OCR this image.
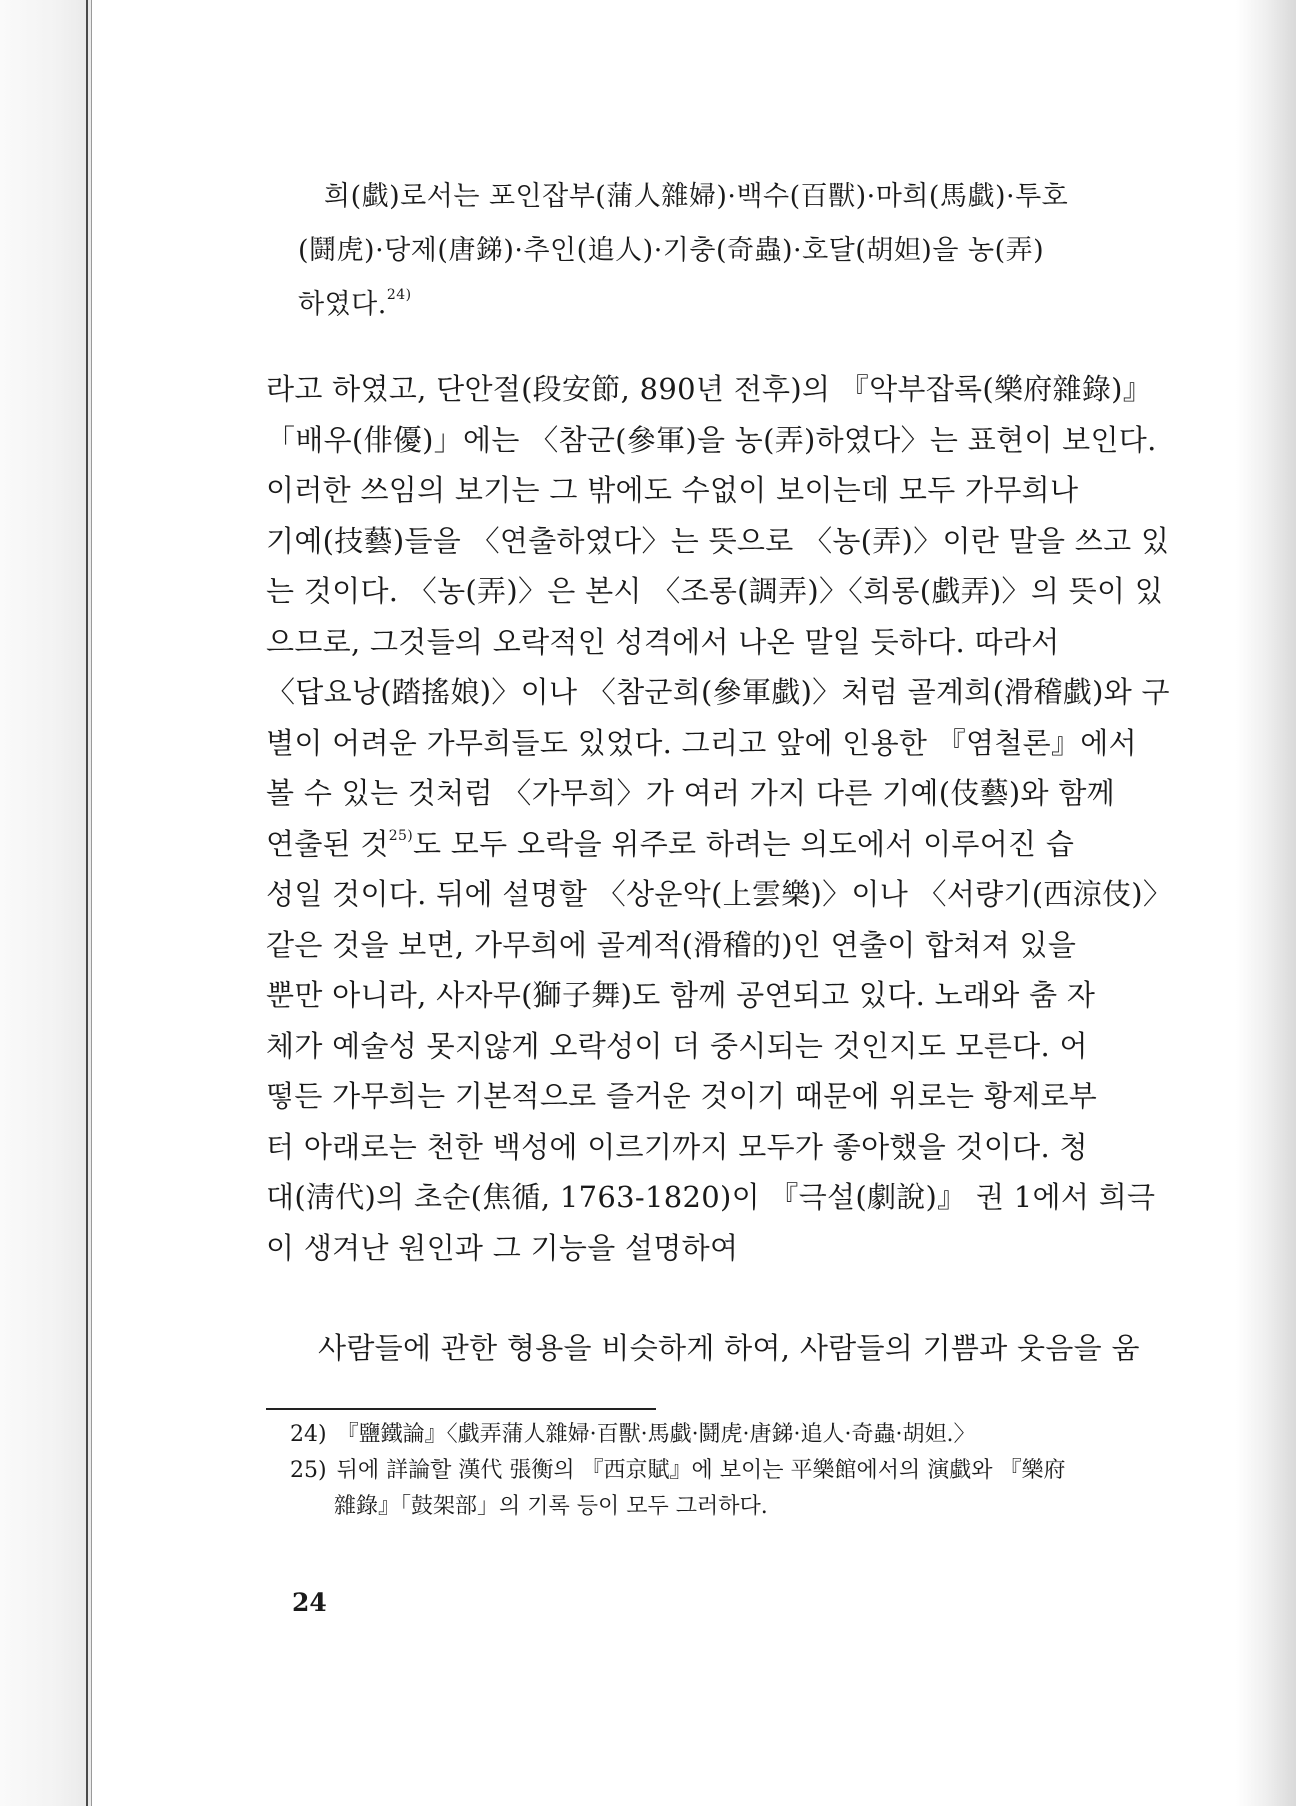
희(戱)로서는 포인잡부(蒲人雜婦)·백수(百獸)·마희(馬戱)·투호
(鬪虎)·당제(唐銻)·추인(追人)·기충(奇蟲)·호달(胡妲)을 농(弄)
하였다.$^{24)}$

라고 하였고, 단안절(段安節, 890년 전후)의 『악부잡록(樂府雜錄)』

「배우(俳優)」에는 〈참군(參軍)을 농(弄)하였다〉는 표현이 보인다.

이러한 쓰임의 보기는 그 밖에도 수없이 보이는데 모두 가무희나

기예(技藝)들을 〈연출하였다〉는 뜻으로 〈농(弄)〉이란 말을 쓰고 있

는 것이다. 〈농(弄)〉은 본시 〈조롱(調弄)〉〈희롱(戱弄)〉의 뜻이 있

으므로, 그것들의 오락적인 성격에서 나온 말일 듯하다. 따라서

〈답요낭(踏搖娘)〉이나 〈참군희(參軍戱)〉처럼 골계희(滑稽戱)와 구

별이 어려운 가무희들도 있었다. 그리고 앞에 인용한 『염철론』에서

볼 수 있는 것처럼 〈가무희〉가 여러 가지 다른 기예(伎藝)와 함께

연출된 것$^{25)}$도 모두 오락을 위주로 하려는 의도에서 이루어진 습

성일 것이다. 뒤에 설명할 〈상운악(上雲樂)〉이나 〈서량기(西涼伎)〉

같은 것을 보면, 가무희에 골계적(滑稽的)인 연출이 합쳐져 있을

뿐만 아니라, 사자무(獅子舞)도 함께 공연되고 있다. 노래와 춤 자

체가 예술성 못지않게 오락성이 더 중시되는 것인지도 모른다. 어

떻든 가무희는 기본적으로 즐거운 것이기 때문에 위로는 황제로부

터 아래로는 천한 백성에 이르기까지 모두가 좋아했을 것이다. 청

대(淸代)의 초순(焦循, 1763-1820)이 『극설(劇說)』 권 1에서 희극

이 생겨난 원인과 그 기능을 설명하여

사람들에 관한 형용을 비슷하게 하여, 사람들의 기쁨과 웃음을 움

24) 『鹽鐵論』〈戱弄蒲人雜婦·百獸·馬戱·鬪虎·唐銻·追人·奇蟲·胡妲.〉

25) 뒤에 詳論할 漢代 張衡의 『西京賦』에 보이는 平樂館에서의 演戱와 『樂府

雜錄』「鼓架部」의 기록 등이 모두 그러하다.

24
